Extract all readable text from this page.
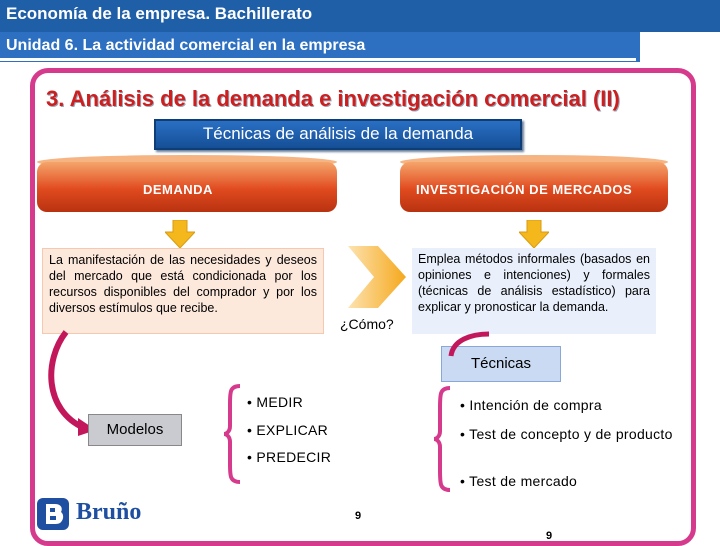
Economía de la empresa. Bachillerato
Unidad 6. La actividad comercial en la empresa
3. Análisis de la demanda e investigación comercial (II)
Técnicas de análisis de la demanda
DEMANDA	INVESTIGACIÓN DE MERCADOS
La manifestación de las necesidades y deseos del mercado que está condicionada por los recursos disponibles del comprador y por los diversos estímulos que recibe.
Emplea métodos informales (basados en opiniones e intenciones) y formales (técnicas de análisis estadístico) para explicar y pronosticar la demanda.
¿Cómo?
Técnicas
Modelos
• MEDIR
• EXPLICAR
• PREDECIR
• Intención de compra
• Test de concepto y de producto
• Test de mercado
Bruño	9
9
